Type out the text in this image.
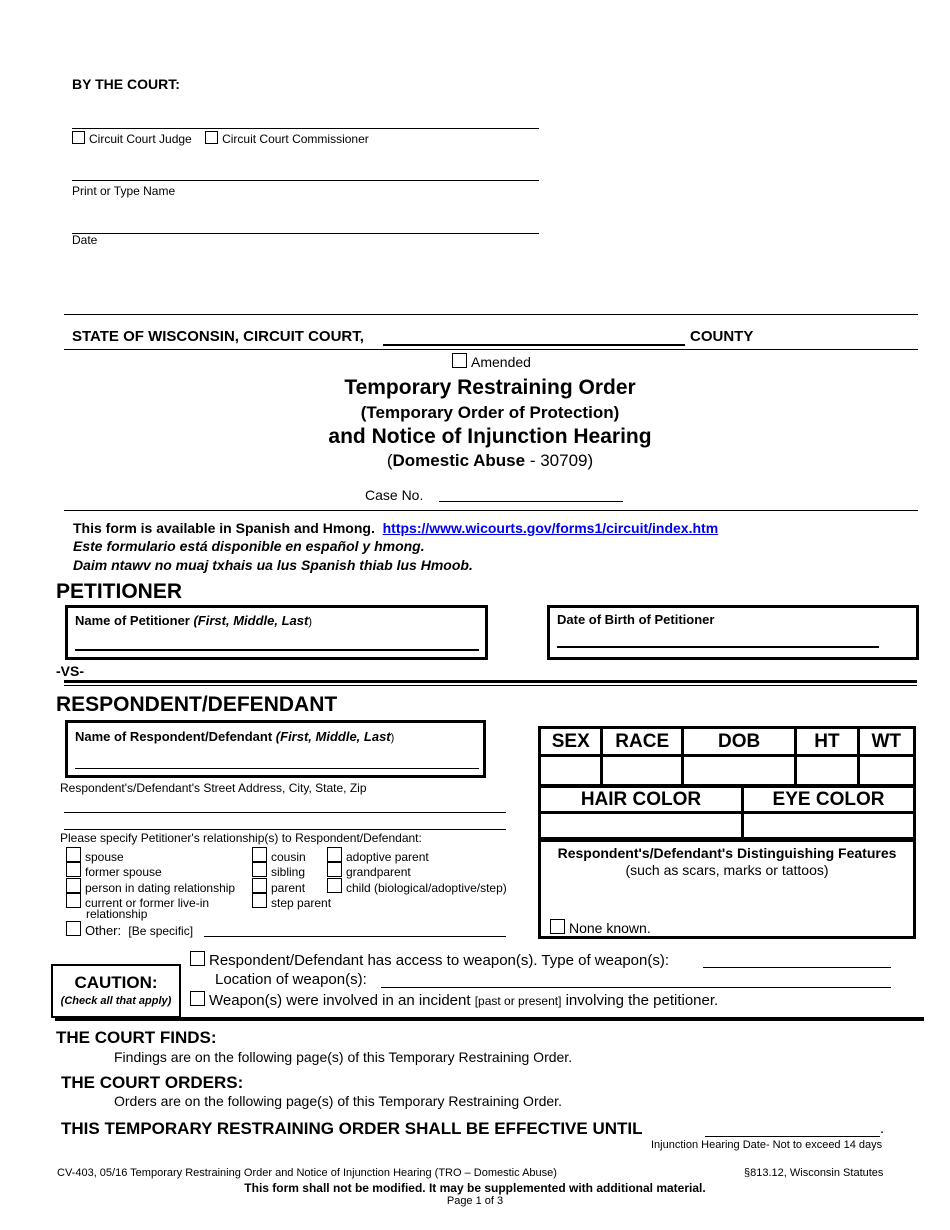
BY THE COURT:
Circuit Court Judge	Circuit Court Commissioner
Print or Type Name
Date
STATE OF WISCONSIN, CIRCUIT COURT,	COUNTY
Amended
Temporary Restraining Order
(Temporary Order of Protection)
and Notice of Injunction Hearing
(Domestic Abuse - 30709)
Case No.
This form is available in Spanish and Hmong. https://www.wicourts.gov/forms1/circuit/index.htm
Este formulario está disponible en español y hmong.
Daim ntawv no muaj txhais ua lus Spanish thiab lus Hmoob.
PETITIONER
Name of Petitioner (First, Middle, Last)	Date of Birth of Petitioner
-VS-
RESPONDENT/DEFENDANT
Name of Respondent/Defendant (First, Middle, Last)
Respondent's/Defendant's Street Address, City, State, Zip
Please specify Petitioner's relationship(s) to Respondent/Defendant:
spouse
former spouse
person in dating relationship
current or former live-in
relationship
cousin
sibling
parent
step parent
adoptive parent
grandparent
child (biological/adoptive/step)
Other: [Be specific]
SEX	RACE	DOB	HT	WT

HAIR COLOR	EYE COLOR

Respondent's/Defendant's Distinguishing Features
(such as scars, marks or tattoos)
None known.
CAUTION:
(Check all that apply)
Respondent/Defendant has access to weapon(s). Type of weapon(s):
Location of weapon(s):
Weapon(s) were involved in an incident [past or present] involving the petitioner.
THE COURT FINDS:
Findings are on the following page(s) of this Temporary Restraining Order.
THE COURT ORDERS:
Orders are on the following page(s) of this Temporary Restraining Order.
THIS TEMPORARY RESTRAINING ORDER SHALL BE EFFECTIVE UNTIL	.
Injunction Hearing Date- Not to exceed 14 days
CV-403, 05/16 Temporary Restraining Order and Notice of Injunction Hearing (TRO – Domestic Abuse)	§813.12, Wisconsin Statutes
This form shall not be modified. It may be supplemented with additional material.
Page 1 of 3
